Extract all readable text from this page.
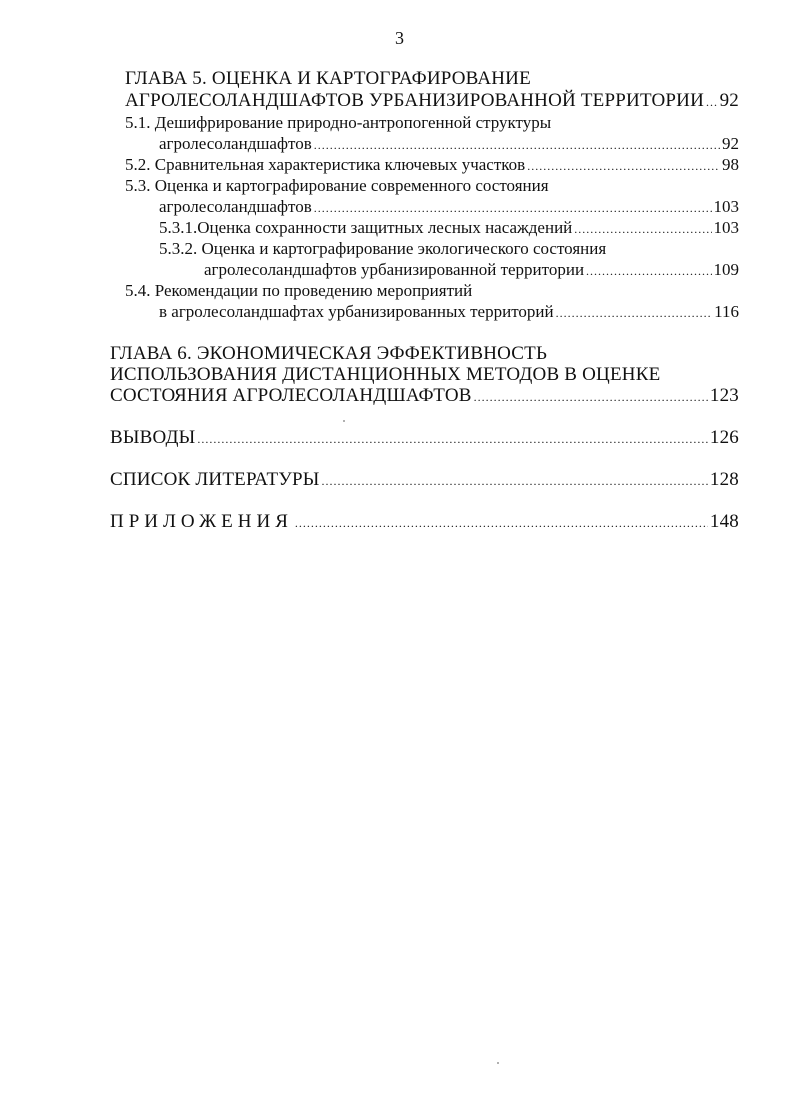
3
ГЛАВА 5. ОЦЕНКА И КАРТОГРАФИРОВАНИЕ
АГРОЛЕСОЛАНДШАФТОВ УРБАНИЗИРОВАННОЙ ТЕРРИТОРИИ ..... 92
5.1. Дешифрирование природно-антропогенной структуры
агролесоландшафтов .....	92
5.2. Сравнительная характеристика ключевых участков .....	98
5.3. Оценка и картографирование современного состояния
агролесоландшафтов .....	103
5.3.1.Оценка сохранности защитных лесных насаждений .....	103
5.3.2. Оценка и картографирование экологического состояния
агролесоландшафтов урбанизированной территории .....	109
5.4. Рекомендации по проведению мероприятий
в агролесоландшафтах урбанизированных территорий .....	116
ГЛАВА 6. ЭКОНОМИЧЕСКАЯ ЭФФЕКТИВНОСТЬ
ИСПОЛЬЗОВАНИЯ ДИСТАНЦИОННЫХ МЕТОДОВ В ОЦЕНКЕ
СОСТОЯНИЯ АГРОЛЕСОЛАНДШАФТОВ .....	123
ВЫВОДЫ .....	126
СПИСОК ЛИТЕРАТУРЫ .....	128
ПРИЛОЖЕНИЯ .....	148
